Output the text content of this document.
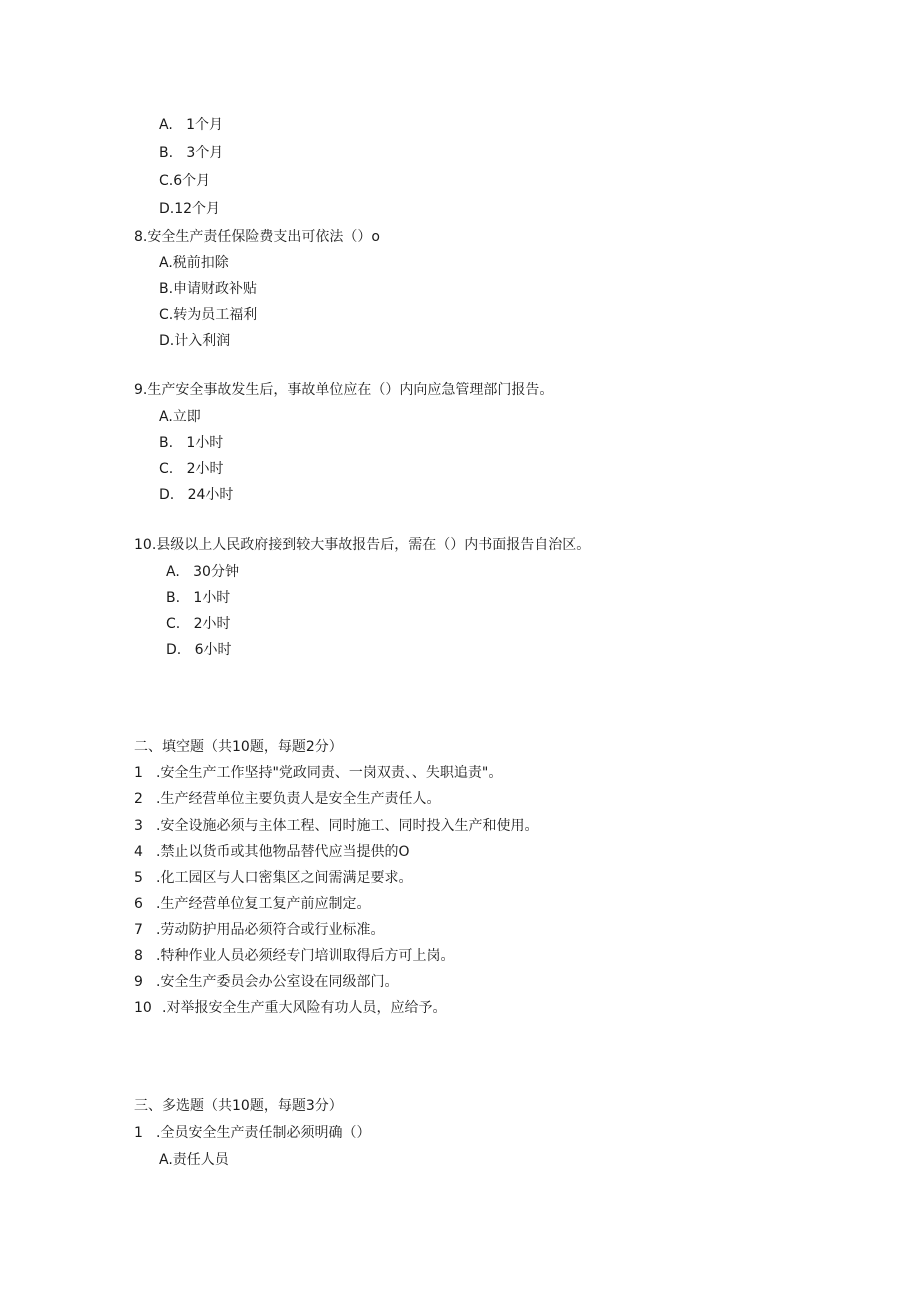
A.   1个月
B.   3个月
C.6个月
D.12个月
8.安全生产责任保险费支出可依法（）o
A.税前扣除
B.申请财政补贴
C.转为员工福利
D.计入利润
9.生产安全事故发生后，事故单位应在（）内向应急管理部门报告。
A.立即
B.   1小时
C.   2小时
D.   24小时
10.县级以上人民政府接到较大事故报告后，需在（）内书面报告自治区。
A.   30分钟
B.   1小时
C.   2小时
D.   6小时
二、填空题（共10题，每题2分）
1 .安全生产工作坚持"党政同责、一岗双责、、失职追责"。
2 .生产经营单位主要负责人是安全生产责任人。
3 .安全设施必须与主体工程、同时施工、同时投入生产和使用。
4 .禁止以货币或其他物品替代应当提供的O
5 .化工园区与人口密集区之间需满足要求。
6 .生产经营单位复工复产前应制定。
7 .劳动防护用品必须符合或行业标准。
8 .特种作业人员必须经专门培训取得后方可上岗。
9 .安全生产委员会办公室设在同级部门。
10 .对举报安全生产重大风险有功人员，应给予。
三、多选题（共10题，每题3分）
1 .全员安全生产责任制必须明确（）
A.责任人员
